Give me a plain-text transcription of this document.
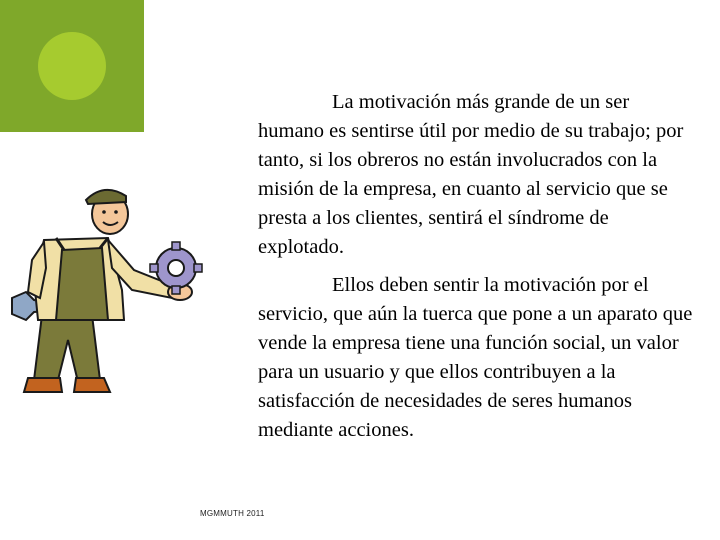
La motivación más grande de un ser humano es sentirse útil por medio de su trabajo; por tanto, si los obreros no están involucrados con la misión de la empresa, en cuanto al servicio que se presta a los clientes, sentirá el síndrome de explotado.

Ellos deben sentir la motivación por el servicio, que aún la tuerca que pone a un aparato que vende la empresa tiene una función social, un valor para un usuario y que ellos contribuyen a la satisfacción de necesidades de seres humanos mediante acciones.

MGMMUTH 2011
